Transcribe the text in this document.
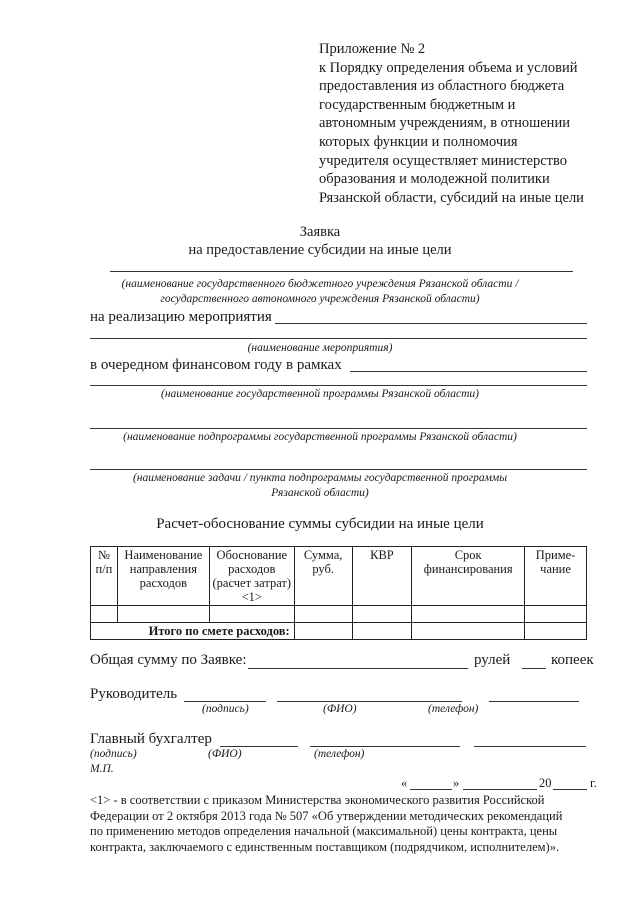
Приложение № 2
к Порядку определения объема и условий
предоставления из областного бюджета
государственным бюджетным и
автономным учреждениям, в отношении
которых функции и полномочия
учредителя осуществляет министерство
образования и молодежной политики
Рязанской области, субсидий на иные цели
Заявка
на предоставление субсидии на иные цели
(наименование государственного бюджетного учреждения Рязанской области /
государственного автономного учреждения Рязанской области)
на реализацию мероприятия
(наименование мероприятия)
в очередном финансовом году в рамках
(наименование государственной программы Рязанской области)
(наименование подпрограммы государственной программы Рязанской области)
(наименование задачи / пункта подпрограммы государственной программы
Рязанской области)
Расчет-обоснование суммы субсидии на иные цели
№ п/п	Наименование направления расходов	Обоснование расходов (расчет затрат) <1>	Сумма, руб.	КВР	Срок финансирования	Приме-чание

Итого по смете расходов:						
Общая сумму по Заявке:	рулей	копеек
Руководитель
(подпись)	(ФИО)	(телефон)
Главный бухгалтер
(подпись)	(ФИО)	(телефон)
М.П.
«	»	20	г.
<1> - в соответствии с приказом Министерства экономического развития Российской
Федерации от 2 октября 2013 года № 507 «Об утверждении методических рекомендаций
по применению методов определения начальной (максимальной) цены контракта, цены
контракта, заключаемого с единственным поставщиком (подрядчиком, исполнителем)».
